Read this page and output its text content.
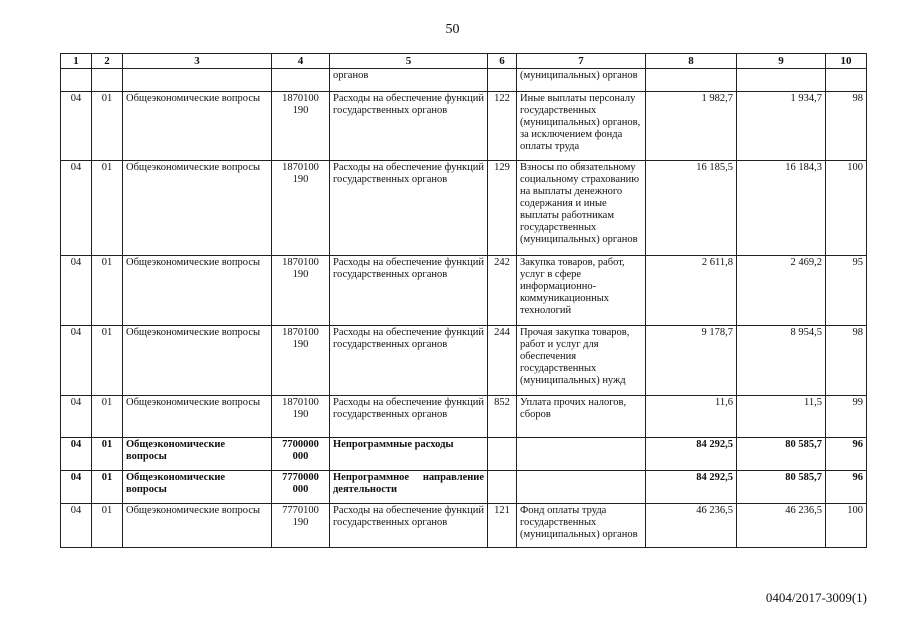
50
1	2	3	4	5	6	7	8	9	10
				органов		(муниципальных) органов			
04	01	Общеэкономические вопросы	1870100 190	Расходы на обеспечение функций государственных органов	122	Иные выплаты персоналу государственных (муниципальных) органов, за исключением фонда оплаты труда	1 982,7	1 934,7	98
04	01	Общеэкономические вопросы	1870100 190	Расходы на обеспечение функций государственных органов	129	Взносы по обязательному социальному страхованию на выплаты денежного содержания и иные выплаты работникам государственных (муниципальных) органов	16 185,5	16 184,3	100
04	01	Общеэкономические вопросы	1870100 190	Расходы на обеспечение функций государственных органов	242	Закупка товаров, работ, услуг в сфере информационно-коммуникационных технологий	2 611,8	2 469,2	95
04	01	Общеэкономические вопросы	1870100 190	Расходы на обеспечение функций государственных органов	244	Прочая закупка товаров, работ и услуг для обеспечения государственных (муниципальных) нужд	9 178,7	8 954,5	98
04	01	Общеэкономические вопросы	1870100 190	Расходы на обеспечение функций государственных органов	852	Уплата прочих налогов, сборов	11,6	11,5	99
04	01	Общеэкономические вопросы	7700000 000	Непрограммные расходы			84 292,5	80 585,7	96
04	01	Общеэкономические вопросы	7770000 000	Непрограммное направление деятельности			84 292,5	80 585,7	96
04	01	Общеэкономические вопросы	7770100 190	Расходы на обеспечение функций государственных органов	121	Фонд оплаты труда государственных (муниципальных) органов	46 236,5	46 236,5	100
0404/2017-3009(1)
